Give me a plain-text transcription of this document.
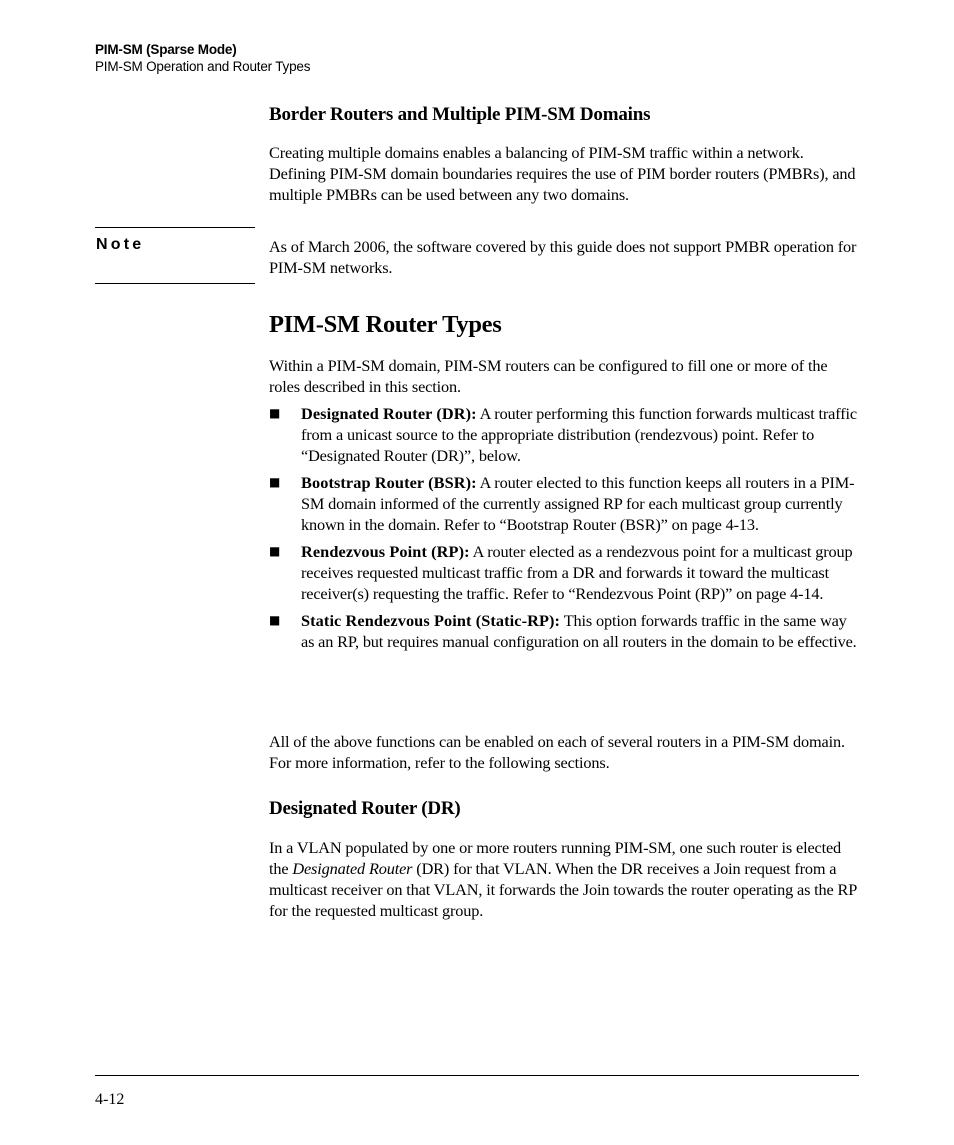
PIM-SM (Sparse Mode)
PIM-SM Operation and Router Types
Border Routers and Multiple PIM-SM Domains

Creating multiple domains enables a balancing of PIM-SM traffic within a network. Defining PIM-SM domain boundaries requires the use of PIM border routers (PMBRs), and multiple PMBRs can be used between any two domains.

Note	As of March 2006, the software covered by this guide does not support PMBR operation for PIM-SM networks.

PIM-SM Router Types

Within a PIM-SM domain, PIM-SM routers can be configured to fill one or more of the roles described in this section.

■ Designated Router (DR): A router performing this function forwards multicast traffic from a unicast source to the appropriate distribution (rendezvous) point. Refer to “Designated Router (DR)”, below.
■ Bootstrap Router (BSR): A router elected to this function keeps all routers in a PIM-SM domain informed of the currently assigned RP for each multicast group currently known in the domain. Refer to “Bootstrap Router (BSR)” on page 4-13.
■ Rendezvous Point (RP): A router elected as a rendezvous point for a multicast group receives requested multicast traffic from a DR and forwards it toward the multicast receiver(s) requesting the traffic. Refer to “Rendezvous Point (RP)” on page 4-14.
■ Static Rendezvous Point (Static-RP): This option forwards traffic in the same way as an RP, but requires manual configuration on all routers in the domain to be effective.

All of the above functions can be enabled on each of several routers in a PIM-SM domain. For more information, refer to the following sections.

Designated Router (DR)

In a VLAN populated by one or more routers running PIM-SM, one such router is elected the Designated Router (DR) for that VLAN. When the DR receives a Join request from a multicast receiver on that VLAN, it forwards the Join towards the router operating as the RP for the requested multicast group.

4-12
